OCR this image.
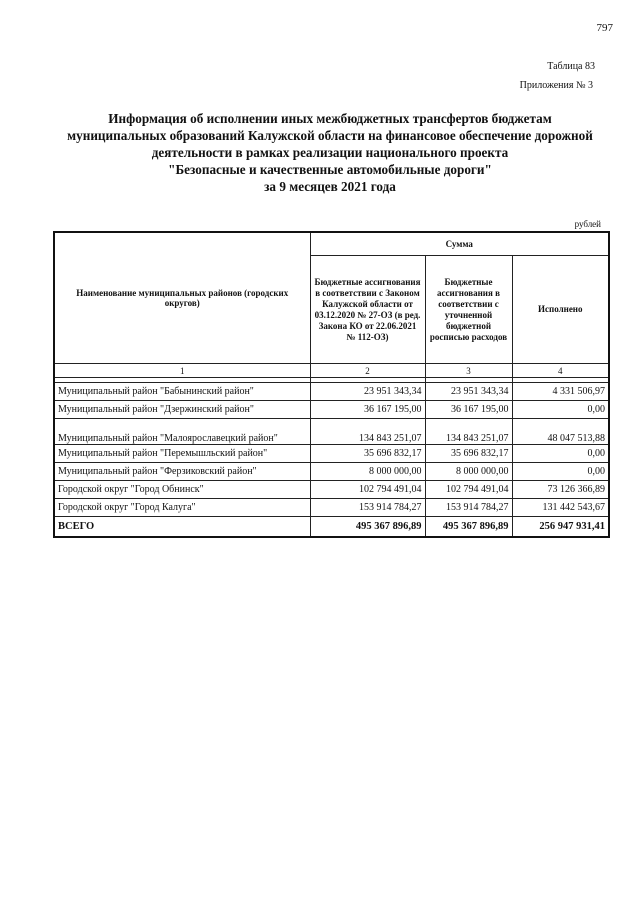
797
Таблица 83
Приложения № 3
Информация об исполнении иных межбюджетных трансфертов бюджетам
муниципальных образований Калужской области на финансовое обеспечение дорожной
деятельности в рамках реализации национального проекта
"Безопасные и качественные автомобильные дороги"
за 9 месяцев 2021 года
рублей
Наименование муниципальных районов (городских округов)	Сумма		
	Бюджетные ассигнования в соответствии с Законом Калужской области от 03.12.2020 № 27-ОЗ (в ред. Закона КО от 22.06.2021 № 112-ОЗ)	Бюджетные ассигнования в соответствии с уточненной бюджетной росписью расходов	Исполнено
1	2	3	4

Муниципальный район "Бабынинский район"	23 951 343,34	23 951 343,34	4 331 506,97
Муниципальный район "Дзержинский район"	36 167 195,00	36 167 195,00	0,00
Муниципальный район "Малоярославецкий район"	134 843 251,07	134 843 251,07	48 047 513,88
Муниципальный район "Перемышльский район"	35 696 832,17	35 696 832,17	0,00
Муниципальный район "Ферзиковский район"	8 000 000,00	8 000 000,00	0,00
Городской округ "Город Обнинск"	102 794 491,04	102 794 491,04	73 126 366,89
Городской округ "Город Калуга"	153 914 784,27	153 914 784,27	131 442 543,67
ВСЕГО	495 367 896,89	495 367 896,89	256 947 931,41
